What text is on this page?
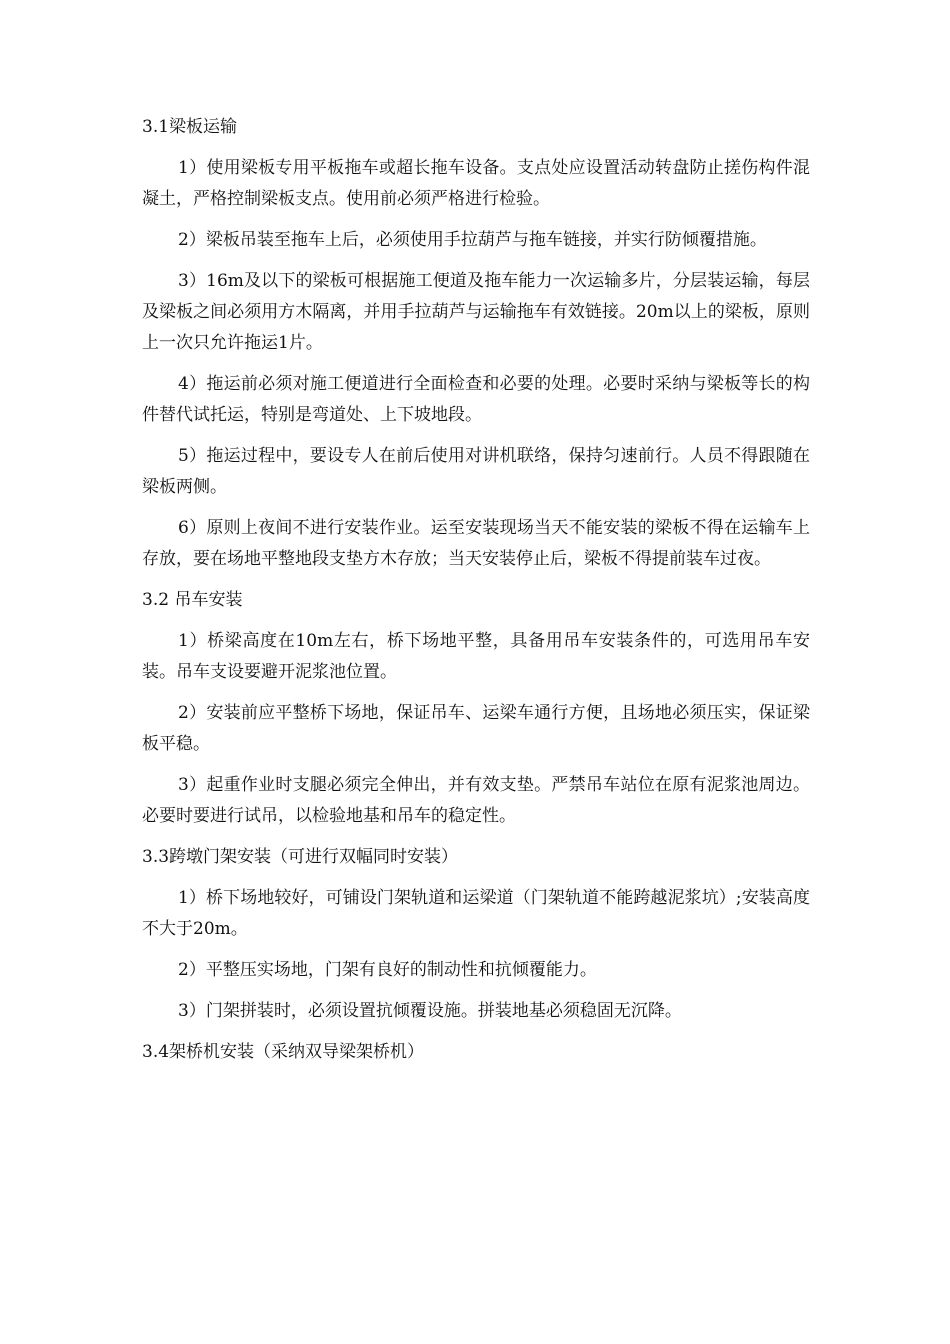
3.1梁板运输

1）使用梁板专用平板拖车或超长拖车设备。支点处应设置活动转盘防止搓伤构件混凝土，严格控制梁板支点。使用前必须严格进行检验。

2）梁板吊装至拖车上后，必须使用手拉葫芦与拖车链接，并实行防倾覆措施。

3）16m及以下的梁板可根据施工便道及拖车能力一次运输多片，分层装运输，每层及梁板之间必须用方木隔离，并用手拉葫芦与运输拖车有效链接。20m以上的梁板，原则上一次只允许拖运1片。

4）拖运前必须对施工便道进行全面检查和必要的处理。必要时采纳与梁板等长的构件替代试托运，特别是弯道处、上下坡地段。

5）拖运过程中，要设专人在前后使用对讲机联络，保持匀速前行。人员不得跟随在梁板两侧。

6）原则上夜间不进行安装作业。运至安装现场当天不能安装的梁板不得在运输车上存放，要在场地平整地段支垫方木存放；当天安装停止后，梁板不得提前装车过夜。

3.2 吊车安装

1）桥梁高度在10m左右，桥下场地平整，具备用吊车安装条件的，可选用吊车安装。吊车支设要避开泥浆池位置。

2）安装前应平整桥下场地，保证吊车、运梁车通行方便，且场地必须压实，保证梁板平稳。

3）起重作业时支腿必须完全伸出，并有效支垫。严禁吊车站位在原有泥浆池周边。必要时要进行试吊，以检验地基和吊车的稳定性。

3.3跨墩门架安装（可进行双幅同时安装）

1）桥下场地较好，可铺设门架轨道和运梁道（门架轨道不能跨越泥浆坑）;安装高度不大于20m。

2）平整压实场地，门架有良好的制动性和抗倾覆能力。

3）门架拼装时，必须设置抗倾覆设施。拼装地基必须稳固无沉降。

3.4架桥机安装（采纳双导梁架桥机）
